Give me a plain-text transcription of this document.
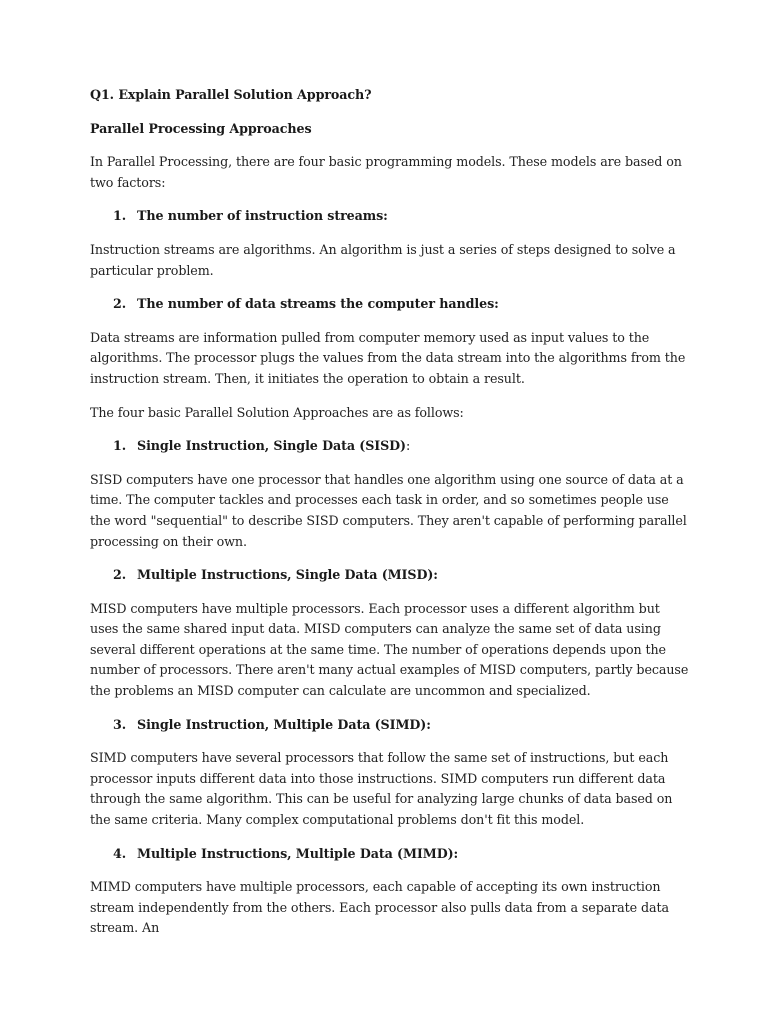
Q1. Explain Parallel Solution Approach?

Parallel Processing Approaches

In Parallel Processing, there are four basic programming models. These models are based on two factors:

1. The number of instruction streams:

Instruction streams are algorithms. An algorithm is just a series of steps designed to solve a particular problem.

2. The number of data streams the computer handles:

Data streams are information pulled from computer memory used as input values to the algorithms. The processor plugs the values from the data stream into the algorithms from the instruction stream. Then, it initiates the operation to obtain a result.

The four basic Parallel Solution Approaches are as follows:

1. Single Instruction, Single Data (SISD):

SISD computers have one processor that handles one algorithm using one source of data at a time. The computer tackles and processes each task in order, and so sometimes people use the word "sequential" to describe SISD computers. They aren't capable of performing parallel processing on their own.

2. Multiple Instructions, Single Data (MISD):

MISD computers have multiple processors. Each processor uses a different algorithm but uses the same shared input data. MISD computers can analyze the same set of data using several different operations at the same time. The number of operations depends upon the number of processors. There aren't many actual examples of MISD computers, partly because the problems an MISD computer can calculate are uncommon and specialized.

3. Single Instruction, Multiple Data (SIMD):

SIMD computers have several processors that follow the same set of instructions, but each processor inputs different data into those instructions. SIMD computers run different data through the same algorithm. This can be useful for analyzing large chunks of data based on the same criteria. Many complex computational problems don't fit this model.

4. Multiple Instructions, Multiple Data (MIMD):

MIMD computers have multiple processors, each capable of accepting its own instruction stream independently from the others. Each processor also pulls data from a separate data stream. An
